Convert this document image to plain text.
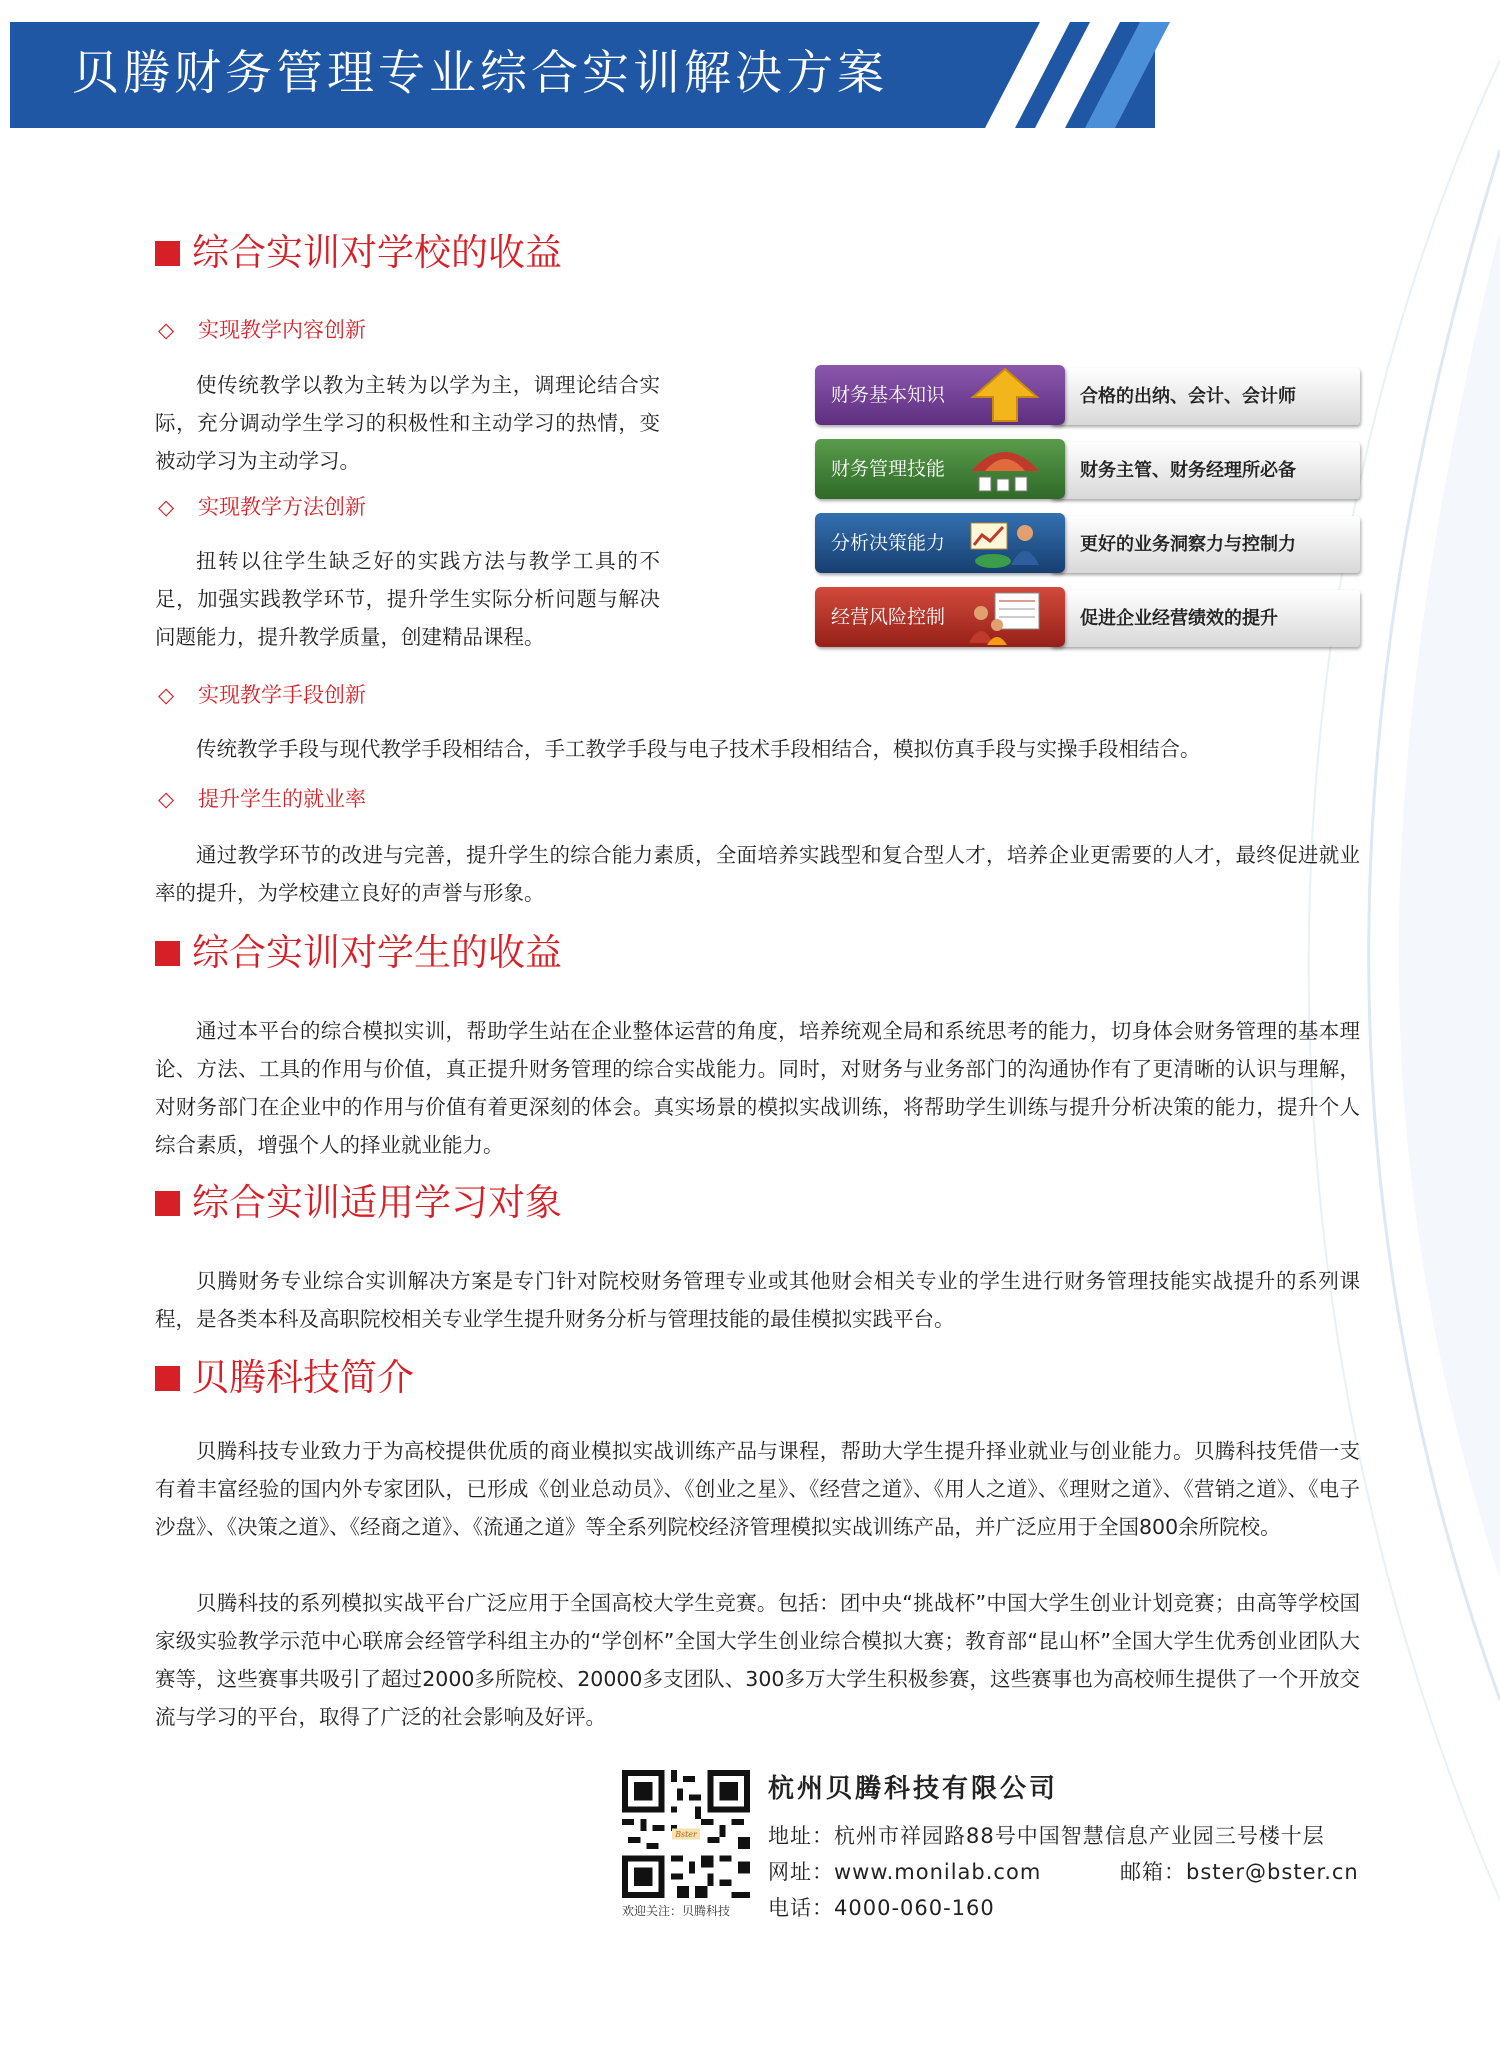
贝腾财务管理专业综合实训解决方案
综合实训对学校的收益
◇ 实现教学内容创新
使传统教学以教为主转为以学为主，调理论结合实际，充分调动学生学习的积极性和主动学习的热情，变被动学习为主动学习。
◇ 实现教学方法创新
扭转以往学生缺乏好的实践方法与教学工具的不足，加强实践教学环节，提升学生实际分析问题与解决问题能力，提升教学质量，创建精品课程。
合格的出纳、会计、会计师
财务基本知识
财务主管、财务经理所必备
财务管理技能
更好的业务洞察力与控制力
分析决策能力
促进企业经营绩效的提升
经营风险控制
◇ 实现教学手段创新
传统教学手段与现代教学手段相结合，手工教学手段与电子技术手段相结合，模拟仿真手段与实操手段相结合。
◇ 提升学生的就业率
通过教学环节的改进与完善，提升学生的综合能力素质，全面培养实践型和复合型人才，培养企业更需要的人才，最终促进就业率的提升，为学校建立良好的声誉与形象。
综合实训对学生的收益
通过本平台的综合模拟实训，帮助学生站在企业整体运营的角度，培养统观全局和系统思考的能力，切身体会财务管理的基本理论、方法、工具的作用与价值，真正提升财务管理的综合实战能力。同时，对财务与业务部门的沟通协作有了更清晰的认识与理解，对财务部门在企业中的作用与价值有着更深刻的体会。真实场景的模拟实战训练，将帮助学生训练与提升分析决策的能力，提升个人综合素质，增强个人的择业就业能力。
综合实训适用学习对象
贝腾财务专业综合实训解决方案是专门针对院校财务管理专业或其他财会相关专业的学生进行财务管理技能实战提升的系列课程，是各类本科及高职院校相关专业学生提升财务分析与管理技能的最佳模拟实践平台。
贝腾科技简介
贝腾科技专业致力于为高校提供优质的商业模拟实战训练产品与课程，帮助大学生提升择业就业与创业能力。贝腾科技凭借一支有着丰富经验的国内外专家团队，已形成《创业总动员》、《创业之星》、《经营之道》、《用人之道》、《理财之道》、《营销之道》、《电子沙盘》、《决策之道》、《经商之道》、《流通之道》等全系列院校经济管理模拟实战训练产品，并广泛应用于全国800余所院校。
贝腾科技的系列模拟实战平台广泛应用于全国高校大学生竞赛。包括：团中央“挑战杯”中国大学生创业计划竞赛；由高等学校国家级实验教学示范中心联席会经管学科组主办的“学创杯”全国大学生创业综合模拟大赛；教育部“昆山杯”全国大学生优秀创业团队大赛等，这些赛事共吸引了超过2000多所院校、20000多支团队、300多万大学生积极参赛，这些赛事也为高校师生提供了一个开放交流与学习的平台，取得了广泛的社会影响及好评。
Bster
欢迎关注：贝腾科技
杭州贝腾科技有限公司
地址：杭州市祥园路88号中国智慧信息产业园三号楼十层
网址：www.monilab.com	邮箱：bster@bster.cn
电话：4000-060-160
